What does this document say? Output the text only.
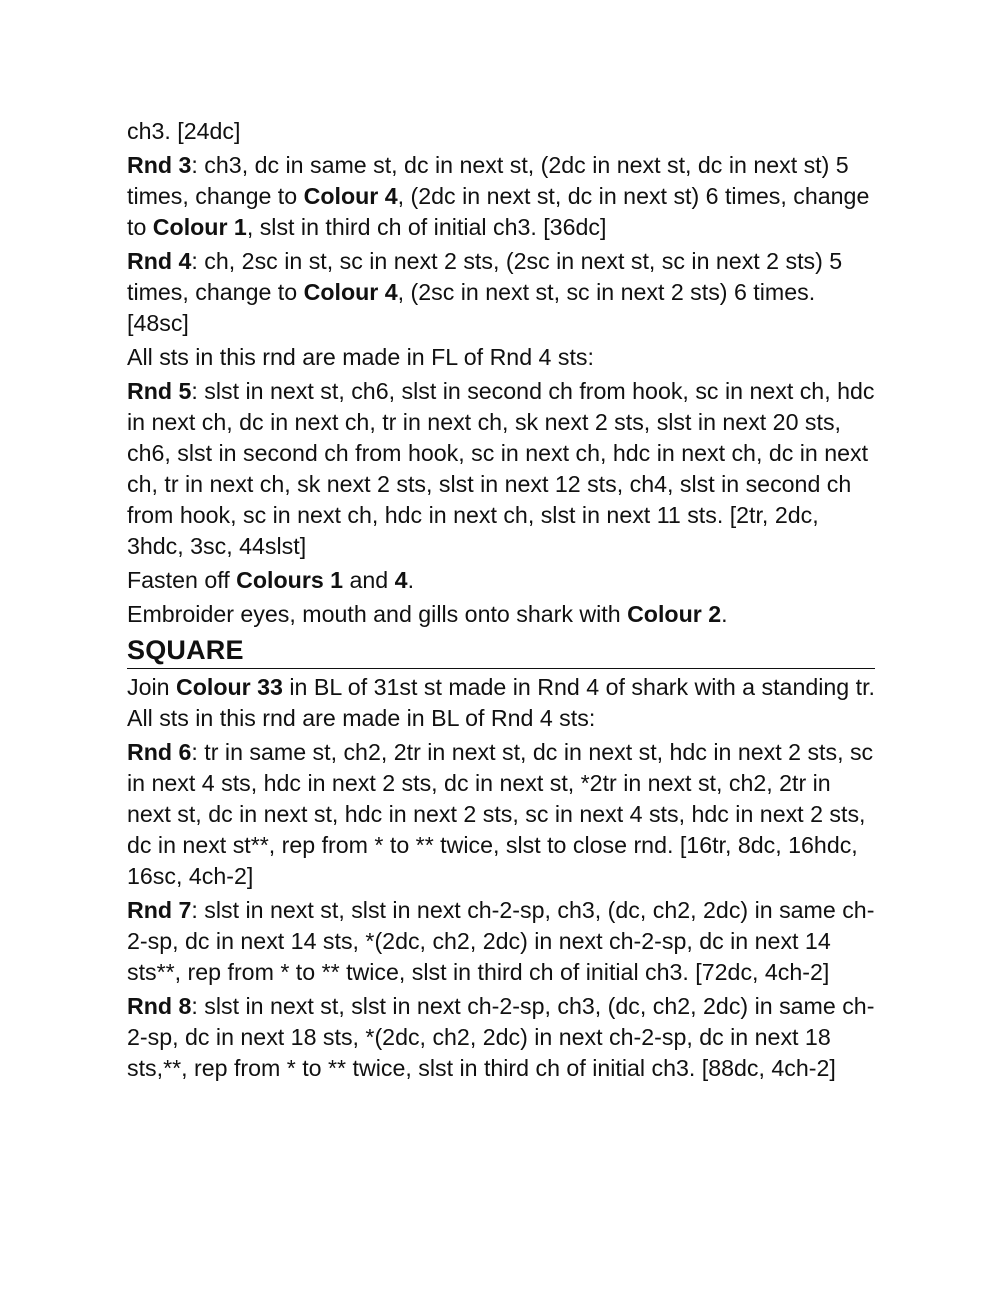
ch3. [24dc]

Rnd 3: ch3, dc in same st, dc in next st, (2dc in next st, dc in next st) 5 times, change to Colour 4, (2dc in next st, dc in next st) 6 times, change to Colour 1, slst in third ch of initial ch3. [36dc]

Rnd 4: ch, 2sc in st, sc in next 2 sts, (2sc in next st, sc in next 2 sts) 5 times, change to Colour 4, (2sc in next st, sc in next 2 sts) 6 times. [48sc]

All sts in this rnd are made in FL of Rnd 4 sts:

Rnd 5: slst in next st, ch6, slst in second ch from hook, sc in next ch, hdc in next ch, dc in next ch, tr in next ch, sk next 2 sts, slst in next 20 sts, ch6, slst in second ch from hook, sc in next ch, hdc in next ch, dc in next ch, tr in next ch, sk next 2 sts, slst in next 12 sts, ch4, slst in second ch from hook, sc in next ch, hdc in next ch, slst in next 11 sts. [2tr, 2dc, 3hdc, 3sc, 44slst]

Fasten off Colours 1 and 4.

Embroider eyes, mouth and gills onto shark with Colour 2.

SQUARE

Join Colour 33 in BL of 31st st made in Rnd 4 of shark with a standing tr. All sts in this rnd are made in BL of Rnd 4 sts:

Rnd 6: tr in same st, ch2, 2tr in next st, dc in next st, hdc in next 2 sts, sc in next 4 sts, hdc in next 2 sts, dc in next st, *2tr in next st, ch2, 2tr in next st, dc in next st, hdc in next 2 sts, sc in next 4 sts, hdc in next 2 sts, dc in next st**, rep from * to ** twice, slst to close rnd. [16tr, 8dc, 16hdc, 16sc, 4ch-2]

Rnd 7: slst in next st, slst in next ch-2-sp, ch3, (dc, ch2, 2dc) in same ch-2-sp, dc in next 14 sts, *(2dc, ch2, 2dc) in next ch-2-sp, dc in next 14 sts**, rep from * to ** twice, slst in third ch of initial ch3. [72dc, 4ch-2]

Rnd 8: slst in next st, slst in next ch-2-sp, ch3, (dc, ch2, 2dc) in same ch-2-sp, dc in next 18 sts, *(2dc, ch2, 2dc) in next ch-2-sp, dc in next 18 sts,**, rep from * to ** twice, slst in third ch of initial ch3. [88dc, 4ch-2]
